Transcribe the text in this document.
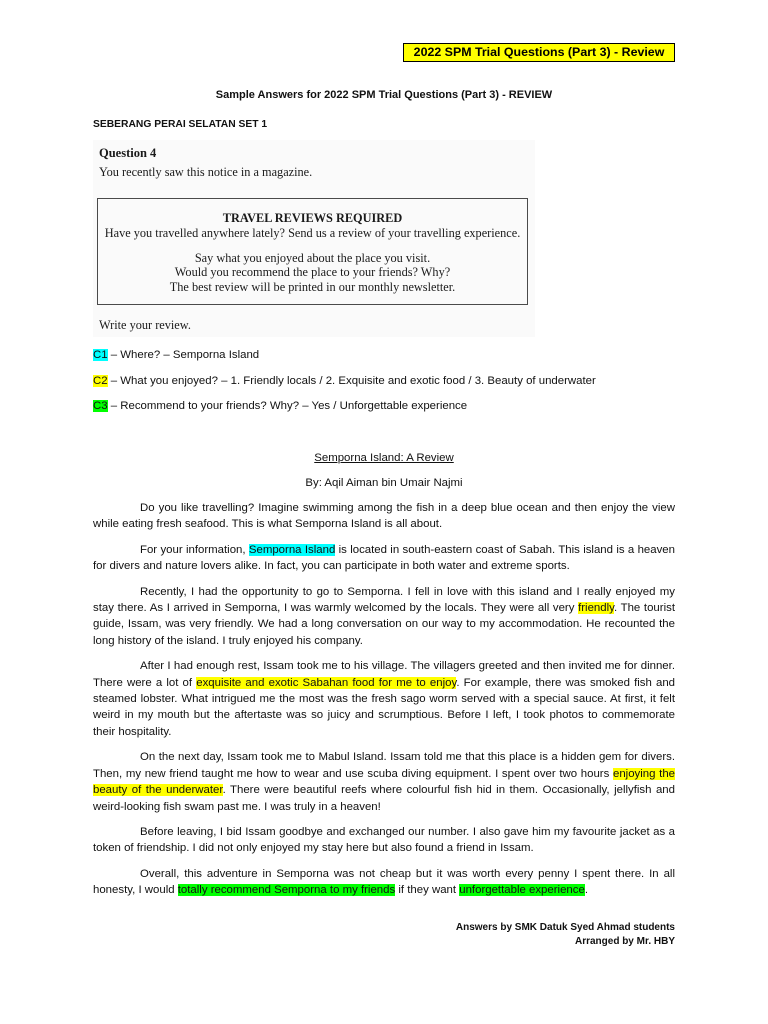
2022 SPM Trial Questions (Part 3) - Review
Sample Answers for 2022 SPM Trial Questions (Part 3) - REVIEW
SEBERANG PERAI SELATAN SET 1
Question 4
You recently saw this notice in a magazine.
TRAVEL REVIEWS REQUIRED
Have you travelled anywhere lately? Send us a review of your travelling experience.
Say what you enjoyed about the place you visit.
Would you recommend the place to your friends? Why?
The best review will be printed in our monthly newsletter.
Write your review.
C1 – Where? – Semporna Island
C2 – What you enjoyed? – 1. Friendly locals / 2. Exquisite and exotic food / 3. Beauty of underwater
C3 – Recommend to your friends? Why? – Yes / Unforgettable experience
Semporna Island: A Review
By: Aqil Aiman bin Umair Najmi

Do you like travelling? Imagine swimming among the fish in a deep blue ocean and then enjoy the view while eating fresh seafood. This is what Semporna Island is all about.

For your information, Semporna Island is located in south-eastern coast of Sabah. This island is a heaven for divers and nature lovers alike. In fact, you can participate in both water and extreme sports.

Recently, I had the opportunity to go to Semporna. I fell in love with this island and I really enjoyed my stay there. As I arrived in Semporna, I was warmly welcomed by the locals. They were all very friendly. The tourist guide, Issam, was very friendly. We had a long conversation on our way to my accommodation. He recounted the long history of the island. I truly enjoyed his company.

After I had enough rest, Issam took me to his village. The villagers greeted and then invited me for dinner. There were a lot of exquisite and exotic Sabahan food for me to enjoy. For example, there was smoked fish and steamed lobster. What intrigued me the most was the fresh sago worm served with a special sauce. At first, it felt weird in my mouth but the aftertaste was so juicy and scrumptious. Before I left, I took photos to commemorate their hospitality.

On the next day, Issam took me to Mabul Island. Issam told me that this place is a hidden gem for divers. Then, my new friend taught me how to wear and use scuba diving equipment. I spent over two hours enjoying the beauty of the underwater. There were beautiful reefs where colourful fish hid in them. Occasionally, jellyfish and weird-looking fish swam past me. I was truly in a heaven!

Before leaving, I bid Issam goodbye and exchanged our number. I also gave him my favourite jacket as a token of friendship. I did not only enjoyed my stay here but also found a friend in Issam.

Overall, this adventure in Semporna was not cheap but it was worth every penny I spent there. In all honesty, I would totally recommend Semporna to my friends if they want unforgettable experience.

Answers by SMK Datuk Syed Ahmad students
Arranged by Mr. HBY
